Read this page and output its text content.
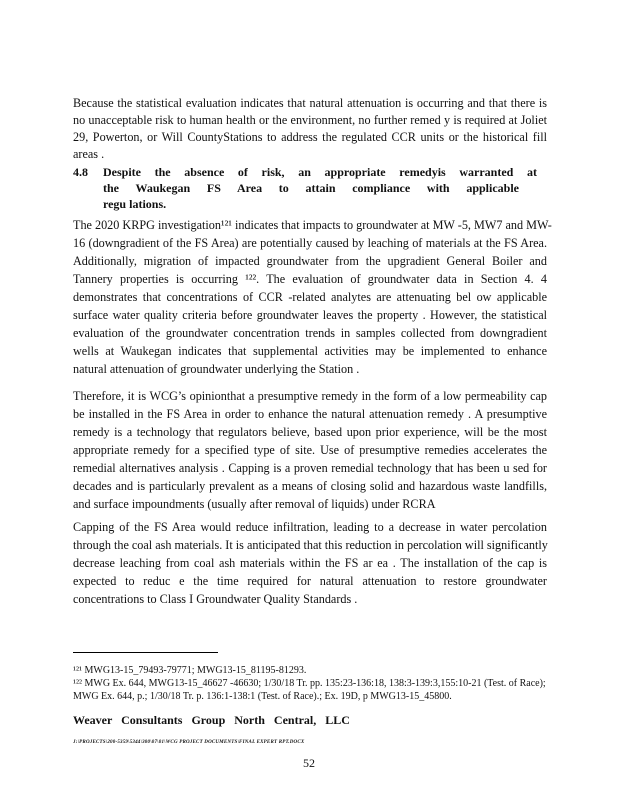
Because the statistical evaluation indicates that natural attenuation is occurring and that there is
no unacceptable risk to human health or the environment, no further remed y is required at Joliet
29, Powerton, or Will CountyStations to address the regulated CCR units or the historical fill
areas .
4.8	Despite the absence of risk, an appropriate remedyis warranted at
the Waukegan FS Area to attain compliance with applicable
regu lations.
The 2020 KRPG investigation¹²¹ indicates that impacts to groundwater at MW -5, MW7 and MW-
16 (downgradient of the FS Area) are potentially caused by leaching of materials at the FS Area.
Additionally, migration of impacted groundwater from the upgradient General Boiler and
Tannery properties is occurring ¹²². The evaluation of groundwater data in Section 4. 4
demonstrates that concentrations of CCR -related analytes are attenuating bel ow applicable
surface water quality criteria before groundwater leaves the property . However, the statistical
evaluation of the groundwater concentration trends in samples collected from downgradient
wells at Waukegan indicates that supplemental activities may be implemented to enhance
natural attenuation of groundwater underlying the Station .
Therefore, it is WCG’s opinionthat a presumptive remedy in the form of a low permeability cap
be installed in the FS Area in order to enhance the natural attenuation remedy . A presumptive
remedy is a technology that regulators believe, based upon prior experience, will be the most
appropriate remedy for a specified type of site. Use of presumptive remedies accelerates the
remedial alternatives analysis . Capping is a proven remedial technology that has been u sed for
decades and is particularly prevalent as a means of closing solid and hazardous waste landfills,
and surface impoundments (usually after removal of liquids) under RCRA
Capping of the FS Area would reduce infiltration, leading to a decrease in water percolation
through the coal ash materials. It is anticipated that this reduction in percolation will significantly
decrease leaching from coal ash materials within the FS ar ea . The installation of the cap is
expected to reduc e the time required for natural attenuation to restore groundwater
concentrations to Class I Groundwater Quality Standards .
¹²¹ MWG13-15_79493-79771; MWG13-15_81195-81293.
¹²² MWG Ex. 644, MWG13-15_46627 -46630; 1/30/18 Tr. pp. 135:23-136:18, 138:3-139:3,155:10-21 (Test. of Race);
MWG Ex. 644, p.; 1/30/18 Tr. p. 136:1-138:1 (Test. of Race).; Ex. 19D, p MWG13-15_45800.
Weaver Consultants Group North Central, LLC
J:\PROJECTS\200-5359\5344\300\07\01\WCG PROJECT DOCUMENTS\FINAL EXPERT RPT.DOCX
52
